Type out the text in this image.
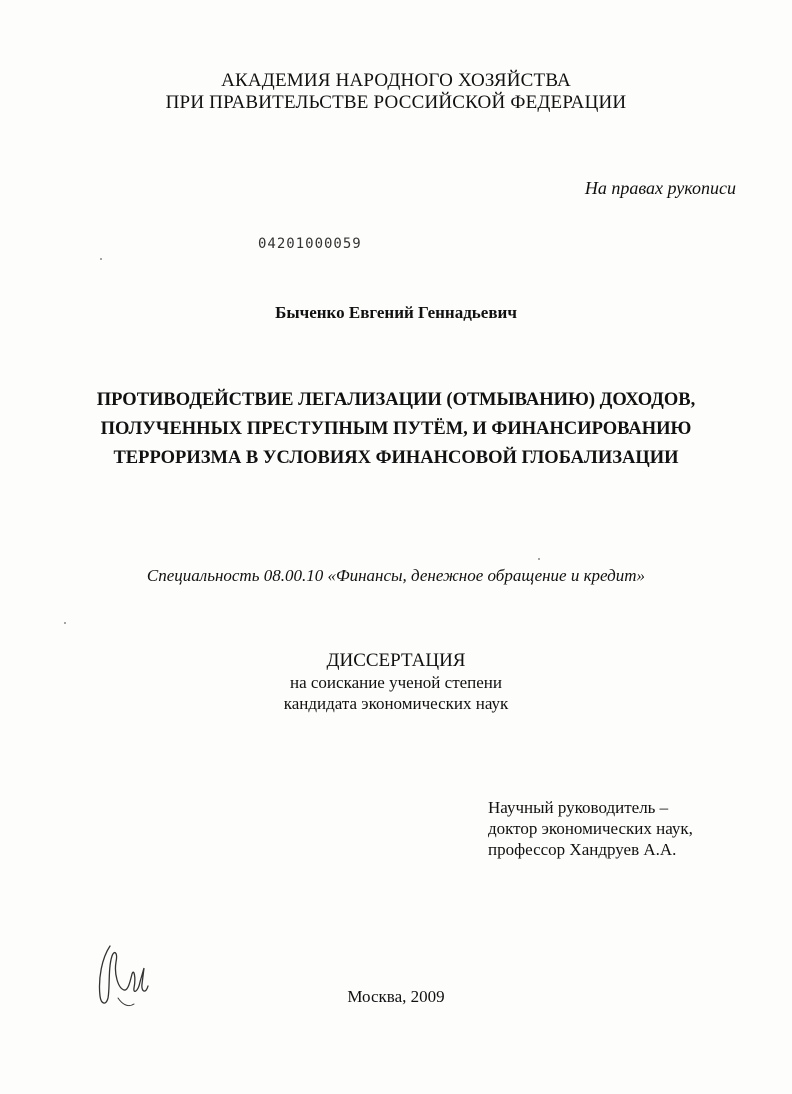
АКАДЕМИЯ НАРОДНОГО ХОЗЯЙСТВА
ПРИ ПРАВИТЕЛЬСТВЕ РОССИЙСКОЙ ФЕДЕРАЦИИ
На правах рукописи
04201000059
Быченко Евгений Геннадьевич
ПРОТИВОДЕЙСТВИЕ ЛЕГАЛИЗАЦИИ (ОТМЫВАНИЮ) ДОХОДОВ,
ПОЛУЧЕННЫХ ПРЕСТУПНЫМ ПУТЁМ, И ФИНАНСИРОВАНИЮ
ТЕРРОРИЗМА В УСЛОВИЯХ ФИНАНСОВОЙ ГЛОБАЛИЗАЦИИ
Специальность 08.00.10 «Финансы, денежное обращение и кредит»
ДИССЕРТАЦИЯ
на соискание ученой степени
кандидата экономических наук
Научный руководитель –
доктор экономических наук,
профессор Хандруев А.А.
Москва, 2009
